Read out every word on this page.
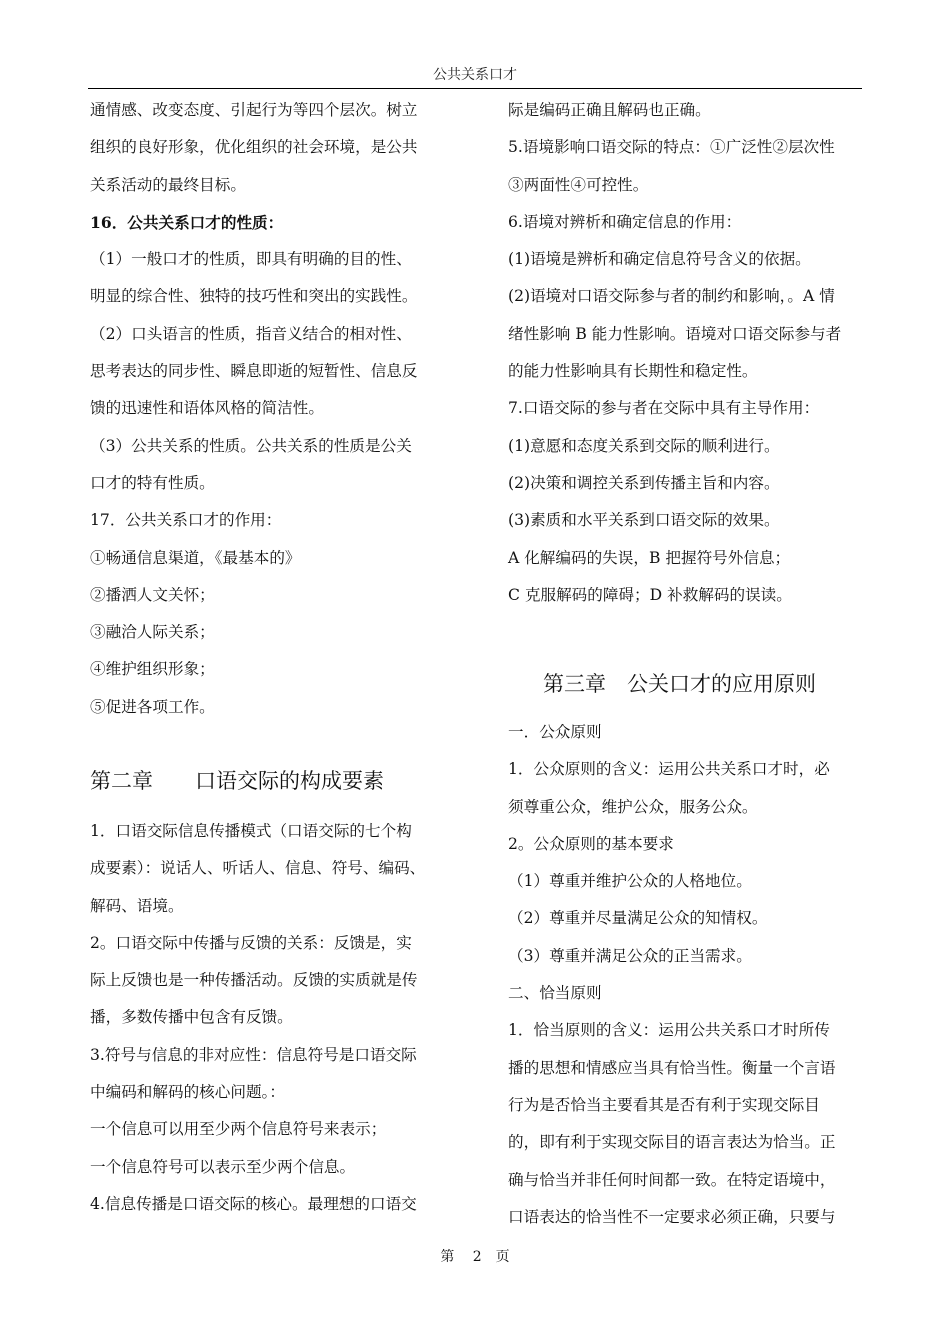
公共关系口才
通情感、改变态度、引起行为等四个层次。树立
组织的良好形象，优化组织的社会环境，是公共
关系活动的最终目标。
16．公共关系口才的性质：
（1）一般口才的性质，即具有明确的目的性、
明显的综合性、独特的技巧性和突出的实践性。
（2）口头语言的性质，指音义结合的相对性、
思考表达的同步性、瞬息即逝的短暂性、信息反
馈的迅速性和语体风格的简洁性。
（3）公共关系的性质。公共关系的性质是公关
口才的特有性质。
17．公共关系口才的作用：
①畅通信息渠道，《最基本的》
②播洒人文关怀；
③融洽人际关系；
④维护组织形象；
⑤促进各项工作。
第二章　　口语交际的构成要素
1．口语交际信息传播模式（口语交际的七个构
成要素）：说话人、听话人、信息、符号、编码、
解码、语境。
2。口语交际中传播与反馈的关系：反馈是，实
际上反馈也是一种传播活动。反馈的实质就是传
播，多数传播中包含有反馈。
3.符号与信息的非对应性：信息符号是口语交际
中编码和解码的核心问题。：
一个信息可以用至少两个信息符号来表示；
一个信息符号可以表示至少两个信息。
4.信息传播是口语交际的核心。最理想的口语交
际是编码正确且解码也正确。
5.语境影响口语交际的特点：①广泛性②层次性
③两面性④可控性。
6.语境对辨析和确定信息的作用：
(1)语境是辨析和确定信息符号含义的依据。
(2)语境对口语交际参与者的制约和影响，。A 情
绪性影响 B 能力性影响。语境对口语交际参与者
的能力性影响具有长期性和稳定性。
7.口语交际的参与者在交际中具有主导作用：
(1)意愿和态度关系到交际的顺利进行。
(2)决策和调控关系到传播主旨和内容。
(3)素质和水平关系到口语交际的效果。
A 化解编码的失误，B 把握符号外信息；
C 克服解码的障碍；D 补救解码的误读。
第三章　公关口才的应用原则
一．公众原则
1．公众原则的含义：运用公共关系口才时，必
须尊重公众，维护公众，服务公众。
2。公众原则的基本要求
（1）尊重并维护公众的人格地位。
（2）尊重并尽量满足公众的知情权。
（3）尊重并满足公众的正当需求。
二、恰当原则
1．恰当原则的含义：运用公共关系口才时所传
播的思想和情感应当具有恰当性。衡量一个言语
行为是否恰当主要看其是否有利于实现交际目
的，即有利于实现交际目的语言表达为恰当。正
确与恰当并非任何时间都一致。在特定语境中，
口语表达的恰当性不一定要求必须正确，只要与
第　 2　页
